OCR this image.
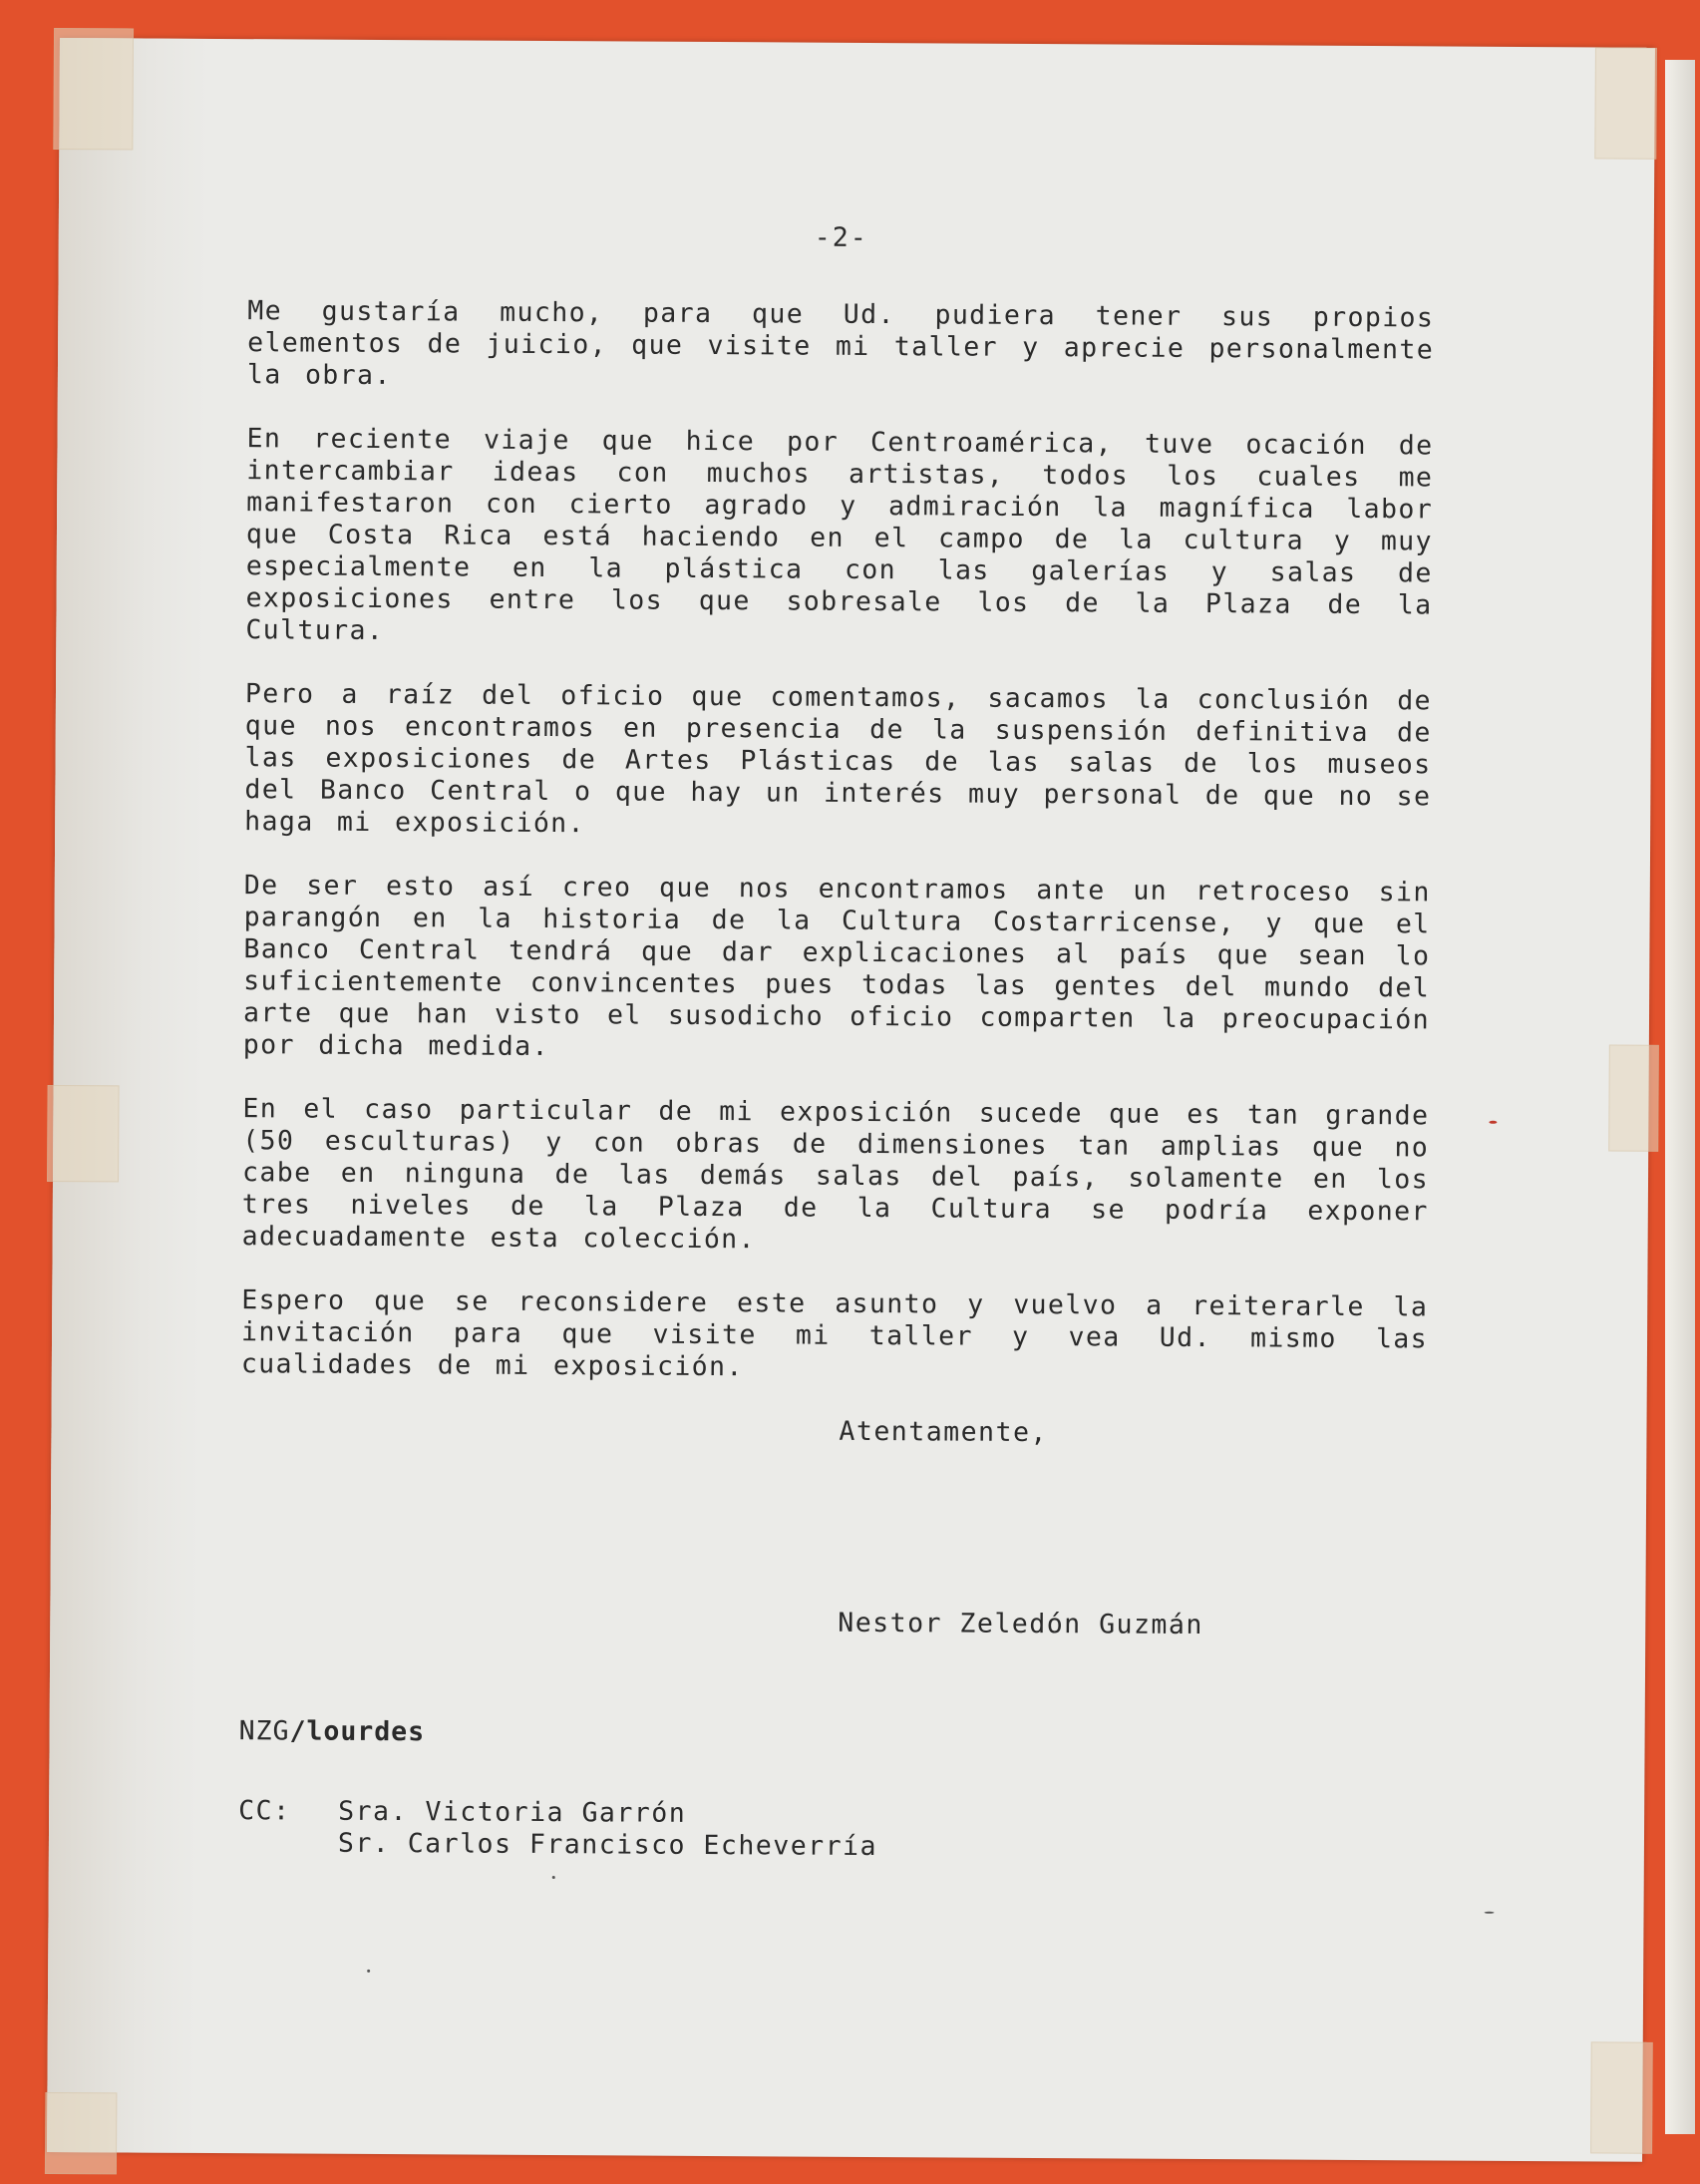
-2-

Me gustaría mucho, para que Ud. pudiera tener sus propios elementos de juicio, que visite mi taller y aprecie personalmente la obra.

En reciente viaje que hice por Centroamérica, tuve ocación de intercambiar ideas con muchos artistas, todos los cuales me manifestaron con cierto agrado y admiración la magnífica labor que Costa Rica está haciendo en el campo de la cultura y muy especialmente en la plástica con las galerías y salas de exposiciones entre los que sobresale los de la Plaza de la Cultura.

Pero a raíz del oficio que comentamos, sacamos la conclusión de que nos encontramos en presencia de la suspensión definitiva de las exposiciones de Artes Plásticas de las salas de los museos del Banco Central o que hay un interés muy personal de que no se haga mi exposición.

De ser esto así creo que nos encontramos ante un retroceso sin parangón en la historia de la Cultura Costarricense, y que el Banco Central tendrá que dar explicaciones al país que sean lo suficientemente convincentes pues todas las gentes del mundo del arte que han visto el susodicho oficio comparten la preocupación por dicha medida.

En el caso particular de mi exposición sucede que es tan grande (50 esculturas) y con obras de dimensiones tan amplias que no cabe en ninguna de las demás salas del país, solamente en los tres niveles de la Plaza de la Cultura se podría exponer adecuadamente esta colección.

Espero que se reconsidere este asunto y vuelvo a reiterarle la invitación para que visite mi taller y vea Ud. mismo las cualidades de mi exposición.

Atentamente,
Nestor Zeledón Guzmán
NZG/lourdes
CC:	Sra. Victoria Garrón
Sr. Carlos Francisco Echeverría
